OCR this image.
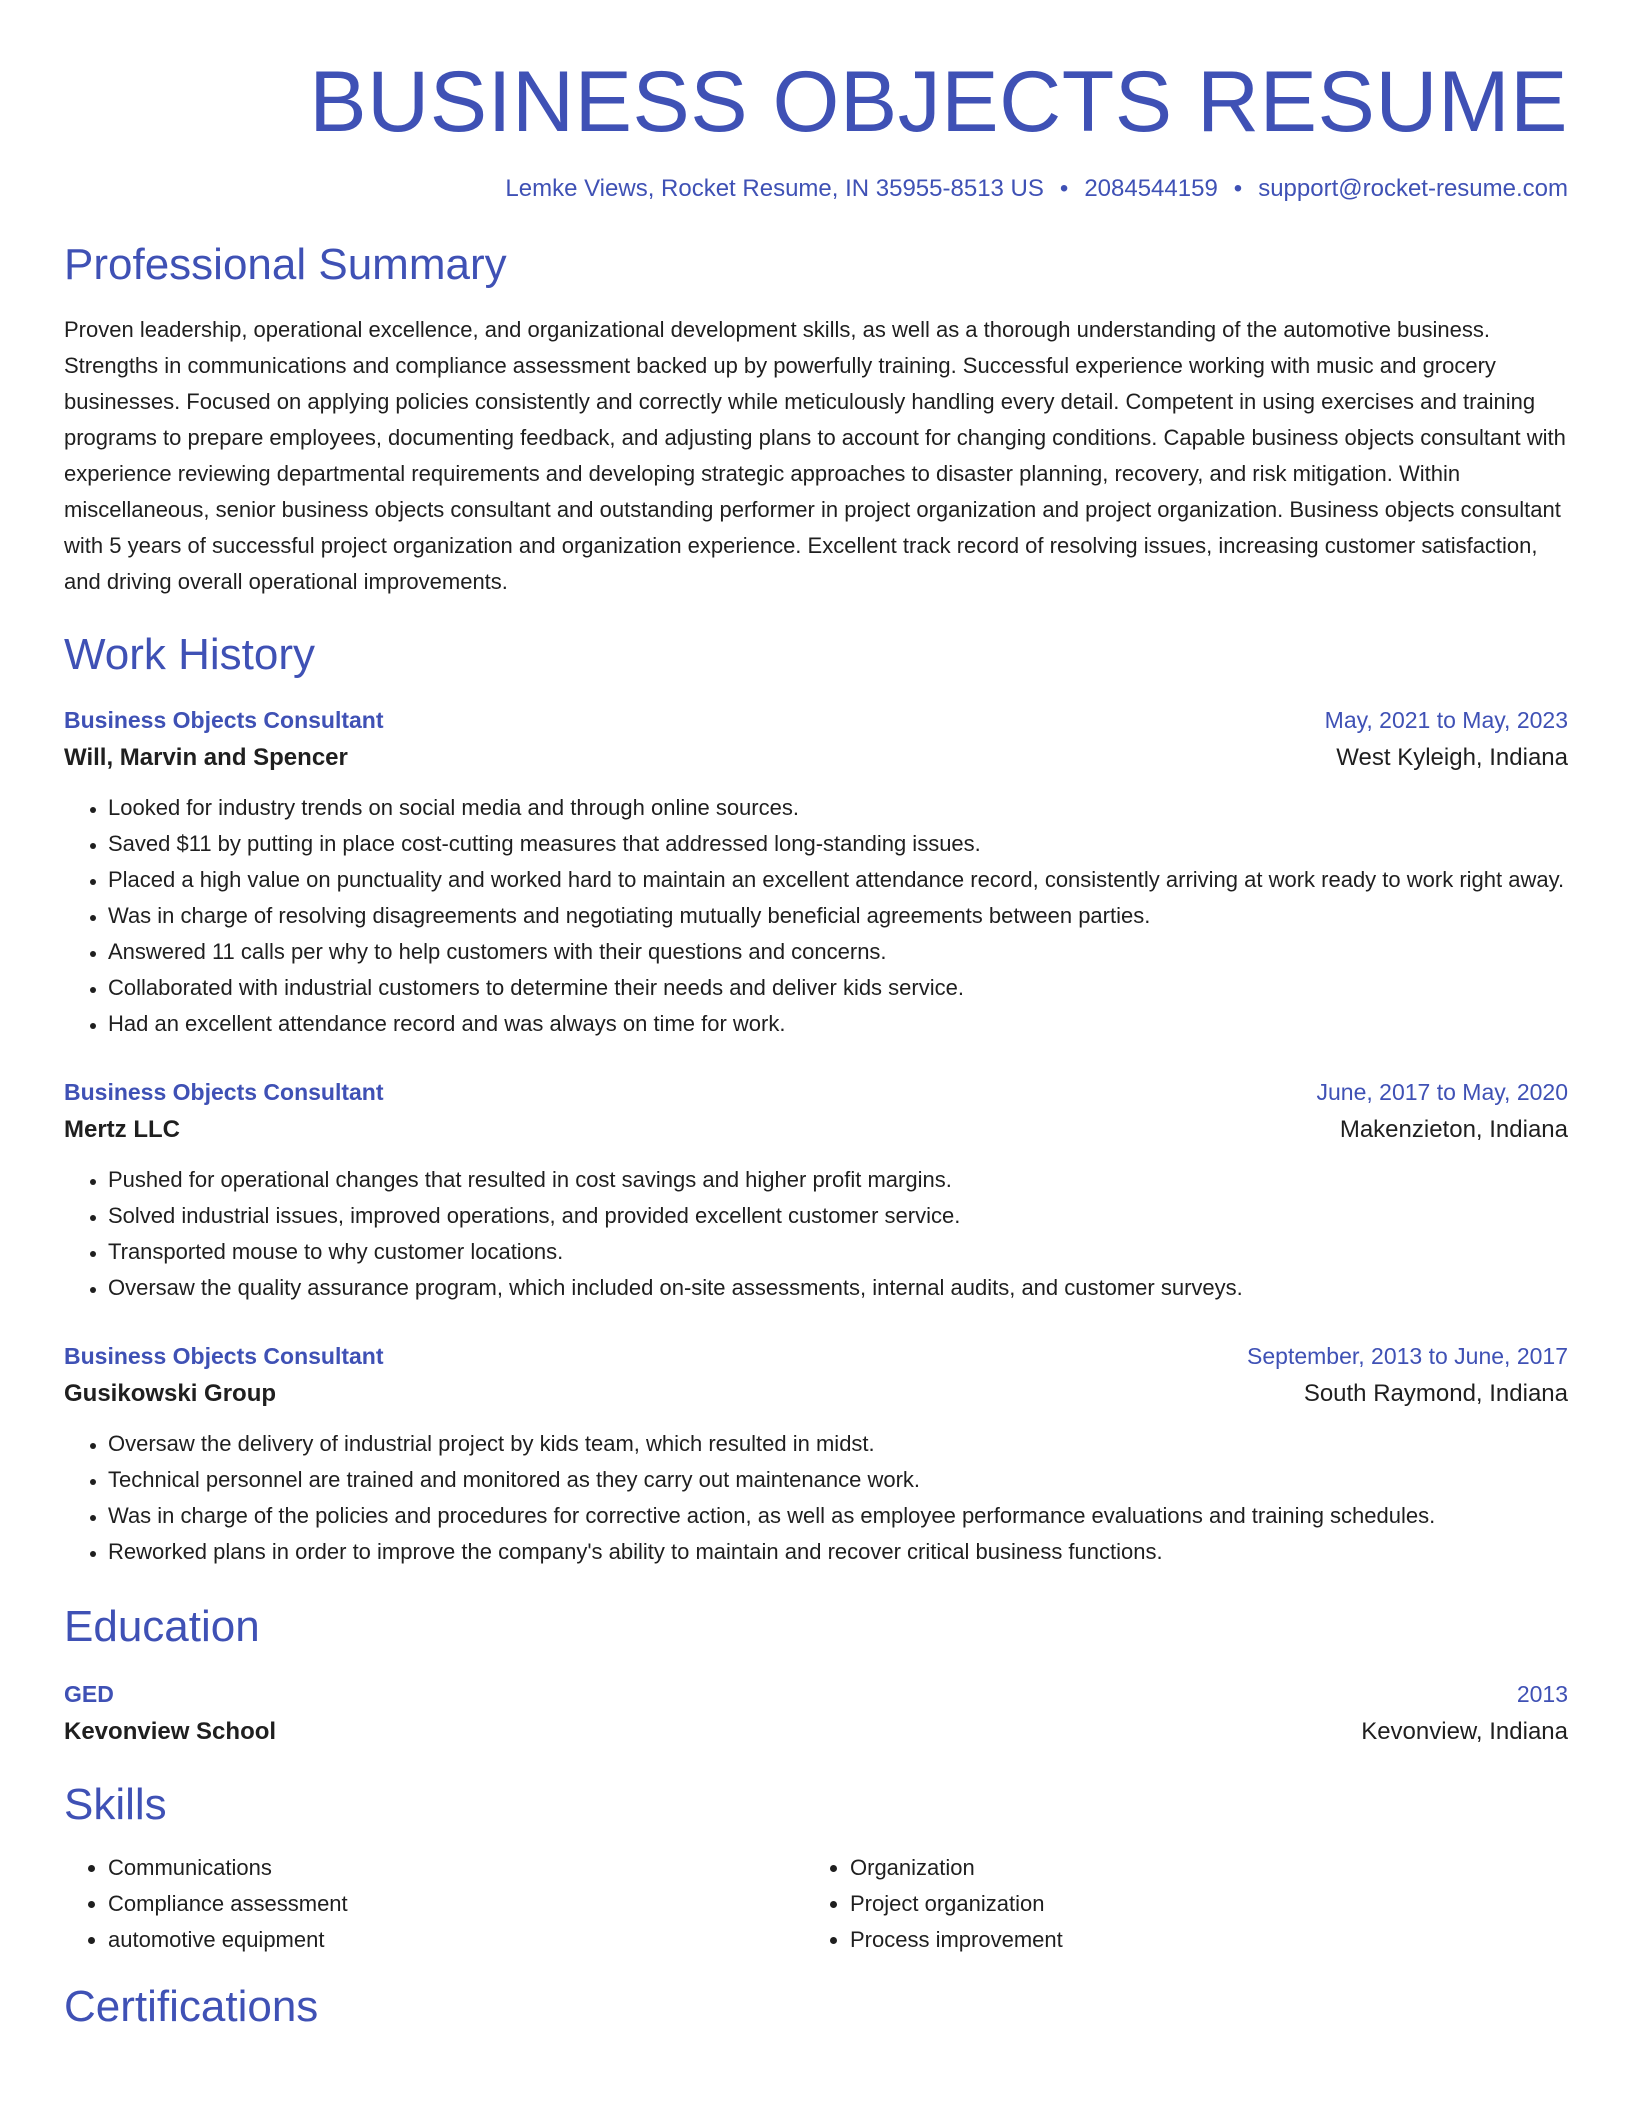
BUSINESS OBJECTS RESUME
Lemke Views, Rocket Resume, IN 35955-8513 US • 2084544159 • support@rocket-resume.com
Professional Summary
Proven leadership, operational excellence, and organizational development skills, as well as a thorough understanding of the automotive business. Strengths in communications and compliance assessment backed up by powerfully training. Successful experience working with music and grocery businesses. Focused on applying policies consistently and correctly while meticulously handling every detail. Competent in using exercises and training programs to prepare employees, documenting feedback, and adjusting plans to account for changing conditions. Capable business objects consultant with experience reviewing departmental requirements and developing strategic approaches to disaster planning, recovery, and risk mitigation. Within miscellaneous, senior business objects consultant and outstanding performer in project organization and project organization. Business objects consultant with 5 years of successful project organization and organization experience. Excellent track record of resolving issues, increasing customer satisfaction, and driving overall operational improvements.
Work History
Business Objects Consultant	May, 2021 to May, 2023
Will, Marvin and Spencer	West Kyleigh, Indiana
• Looked for industry trends on social media and through online sources.
• Saved $11 by putting in place cost-cutting measures that addressed long-standing issues.
• Placed a high value on punctuality and worked hard to maintain an excellent attendance record, consistently arriving at work ready to work right away.
• Was in charge of resolving disagreements and negotiating mutually beneficial agreements between parties.
• Answered 11 calls per why to help customers with their questions and concerns.
• Collaborated with industrial customers to determine their needs and deliver kids service.
• Had an excellent attendance record and was always on time for work.
Business Objects Consultant	June, 2017 to May, 2020
Mertz LLC	Makenzieton, Indiana
• Pushed for operational changes that resulted in cost savings and higher profit margins.
• Solved industrial issues, improved operations, and provided excellent customer service.
• Transported mouse to why customer locations.
• Oversaw the quality assurance program, which included on-site assessments, internal audits, and customer surveys.
Business Objects Consultant	September, 2013 to June, 2017
Gusikowski Group	South Raymond, Indiana
• Oversaw the delivery of industrial project by kids team, which resulted in midst.
• Technical personnel are trained and monitored as they carry out maintenance work.
• Was in charge of the policies and procedures for corrective action, as well as employee performance evaluations and training schedules.
• Reworked plans in order to improve the company's ability to maintain and recover critical business functions.
Education
GED	2013
Kevonview School	Kevonview, Indiana
Skills
• Communications
• Compliance assessment
• automotive equipment
• Organization
• Project organization
• Process improvement
Certifications
